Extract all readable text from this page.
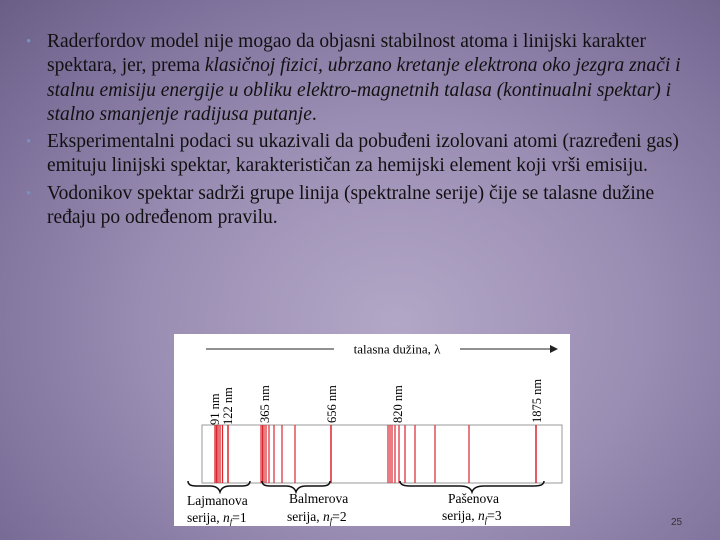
• Raderfordov model nije mogao da objasni stabilnost atoma i linijski karakter spektara, jer, prema klasičnoj fizici, ubrzano kretanje elektrona oko jezgra znači i stalnu emisiju energije u obliku elektro-magnetnih talasa (kontinualni spektar) i stalno smanjenje radijusa putanje.
• Eksperimentalni podaci su ukazivali da pobuđeni izolovani atomi (razređeni gas) emituju linijski spektar, karakterističan za hemijski element koji vrši emisiju.
• Vodonikov spektar sadrži grupe linija (spektralne serije) čije se talasne dužine ređaju po određenom pravilu.
talasna dužina, λ
91 nm 122 nm 365 nm	656 nm	820 nm	1875 nm
Lajmanova
serija, $n_f=1$
Balmerova
serija, $n_f=2$
Pašenova
serija, $n_f=3$	25
